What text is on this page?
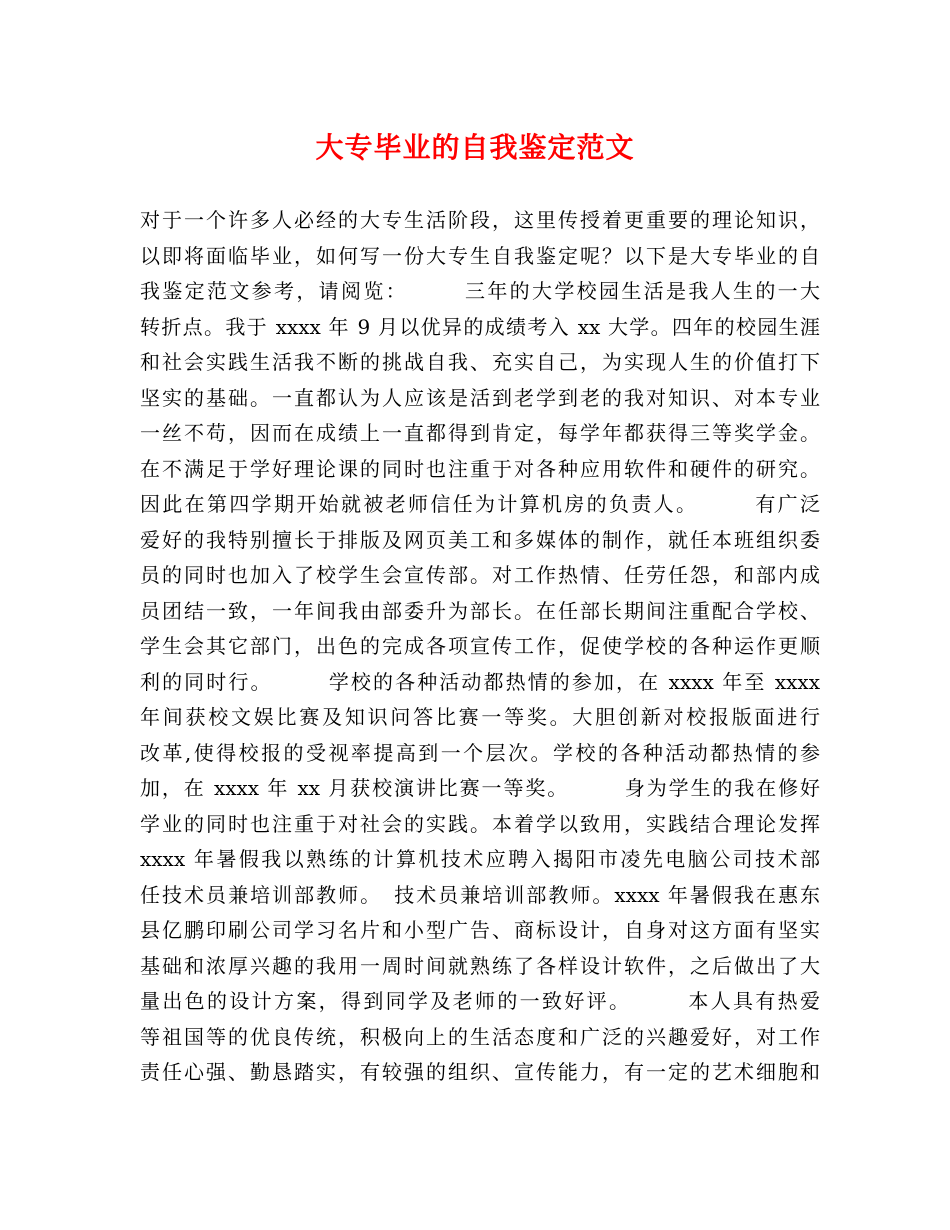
大专毕业的自我鉴定范文
对于一个许多人必经的大专生活阶段，这里传授着更重要的理论知识，
以即将面临毕业，如何写一份大专生自我鉴定呢？以下是大专毕业的自
我鉴定范文参考，请阅览：　　　三年的大学校园生活是我人生的一大
转折点。我于 xxxx 年 9 月以优异的成绩考入 xx 大学。四年的校园生涯
和社会实践生活我不断的挑战自我、充实自己，为实现人生的价值打下
坚实的基础。一直都认为人应该是活到老学到老的我对知识、对本专业
一丝不苟，因而在成绩上一直都得到肯定，每学年都获得三等奖学金。
在不满足于学好理论课的同时也注重于对各种应用软件和硬件的研究。
因此在第四学期开始就被老师信任为计算机房的负责人。　　　有广泛
爱好的我特别擅长于排版及网页美工和多媒体的制作，就任本班组织委
员的同时也加入了校学生会宣传部。对工作热情、任劳任怨，和部内成
员团结一致，一年间我由部委升为部长。在任部长期间注重配合学校、
学生会其它部门，出色的完成各项宣传工作，促使学校的各种运作更顺
利的同时行。　　　学校的各种活动都热情的参加，在 xxxx 年至 xxxx
年间获校文娱比赛及知识问答比赛一等奖。大胆创新对校报版面进行
改革,使得校报的受视率提高到一个层次。学校的各种活动都热情的参
加，在 xxxx 年 xx 月获校演讲比赛一等奖。　　　身为学生的我在修好
学业的同时也注重于对社会的实践。本着学以致用，实践结合理论发挥
xxxx 年暑假我以熟练的计算机技术应聘入揭阳市凌先电脑公司技术部
任技术员兼培训部教师。　技术员兼培训部教师。xxxx 年暑假我在惠东
县亿鹏印刷公司学习名片和小型广告、商标设计，自身对这方面有坚实
基础和浓厚兴趣的我用一周时间就熟练了各样设计软件，之后做出了大
量出色的设计方案，得到同学及老师的一致好评。　　　本人具有热爱
等祖国等的优良传统，积极向上的生活态度和广泛的兴趣爱好，对工作
责任心强、勤恳踏实，有较强的组织、宣传能力，有一定的艺术细胞和
